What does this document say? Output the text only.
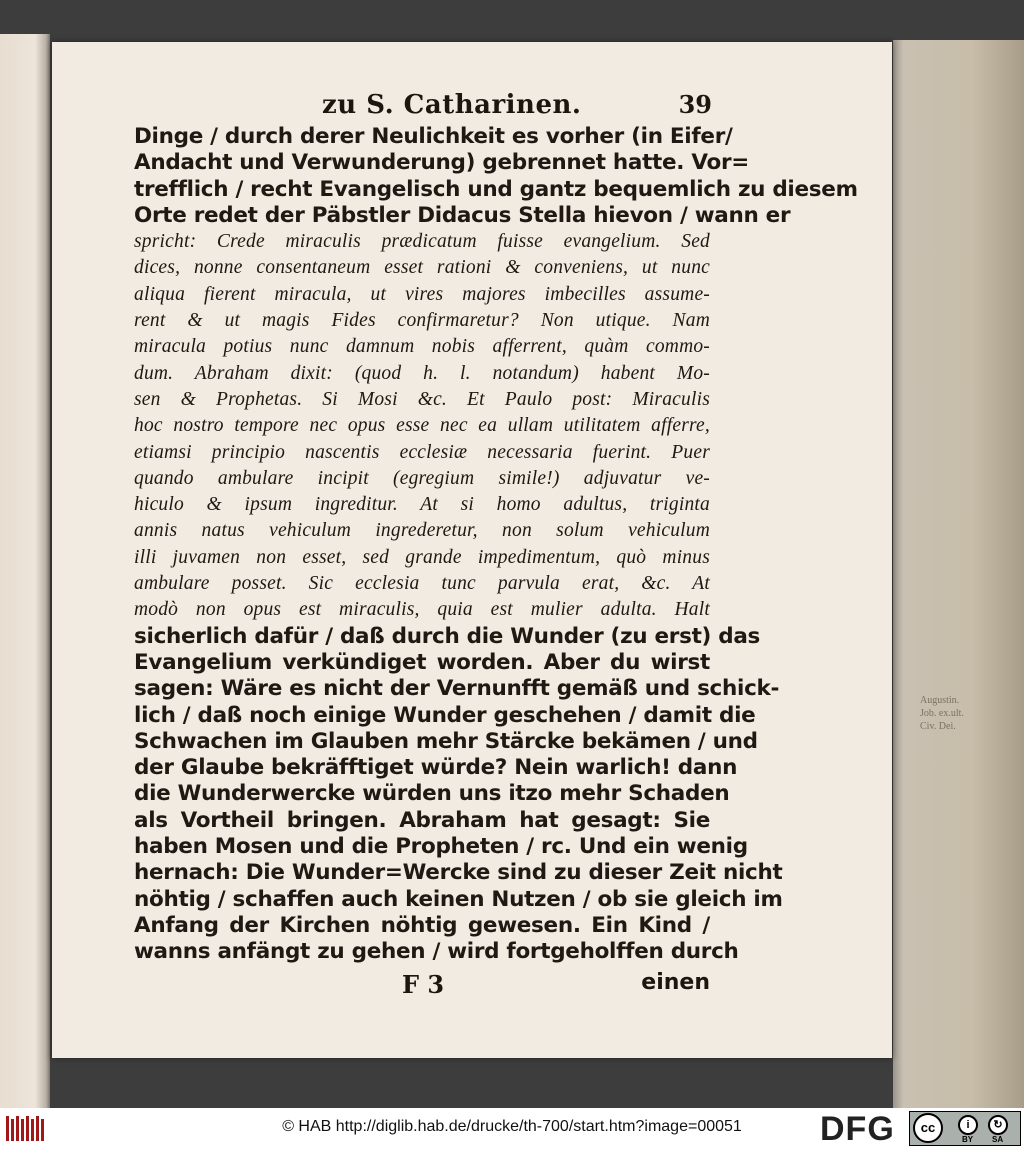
Augustin.
Job. ex.ult.
Civ. Dei.
zu S. Catharinen.	39
Dinge / durch derer Neulichkeit es vorher (in Eifer/
Andacht und Verwunderung) gebrennet hatte. Vor=
trefflich / recht Evangelisch und gantz bequemlich zu diesem
Orte redet der Päbstler Didacus Stella hievon / wann er
spricht: Crede miraculis prædicatum fuisse evangelium. Sed
dices, nonne consentaneum esset rationi & conveniens, ut nunc
aliqua fierent miracula, ut vires majores imbecilles assume-
rent & ut magis Fides confirmaretur? Non utique. Nam
miracula potius nunc damnum nobis afferrent, quàm commo-
dum. Abraham dixit: (quod h. l. notandum) habent Mo-
sen & Prophetas. Si Mosi &c. Et Paulo post: Miraculis
hoc nostro tempore nec opus esse nec ea ullam utilitatem afferre,
etiamsi principio nascentis ecclesiæ necessaria fuerint. Puer
quando ambulare incipit (egregium simile!) adjuvatur ve-
hiculo & ipsum ingreditur. At si homo adultus, triginta
annis natus vehiculum ingrederetur, non solum vehiculum
illi juvamen non esset, sed grande impedimentum, quò minus
ambulare posset. Sic ecclesia tunc parvula erat, &c. At
modò non opus est miraculis, quia est mulier adulta. Halt
sicherlich dafür / daß durch die Wunder (zu erst) das
Evangelium verkündiget worden. Aber du wirst
sagen: Wäre es nicht der Vernunfft gemäß und schick-
lich / daß noch einige Wunder geschehen / damit die
Schwachen im Glauben mehr Stärcke bekämen / und
der Glaube bekräfftiget würde? Nein warlich! dann
die Wunderwercke würden uns itzo mehr Schaden
als Vortheil bringen. Abraham hat gesagt: Sie
haben Mosen und die Propheten / rc. Und ein wenig
hernach: Die Wunder=Wercke sind zu dieser Zeit nicht
nöhtig / schaffen auch keinen Nutzen / ob sie gleich im
Anfang der Kirchen nöhtig gewesen. Ein Kind /
wanns anfängt zu gehen / wird fortgeholffen durch
F 3	einen
© HAB http://diglib.hab.de/drucke/th-700/start.htm?image=00051	DFG	cc	i	↻
BY SA
